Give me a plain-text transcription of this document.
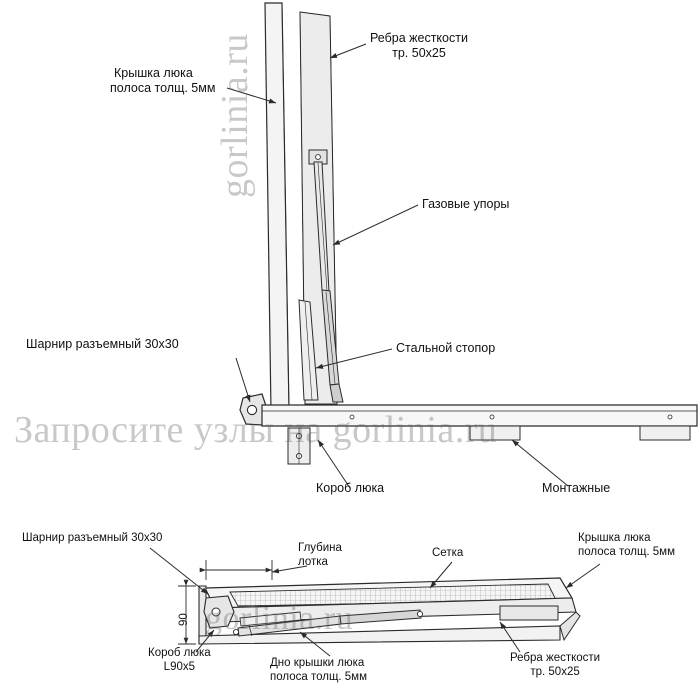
Запросите узлы на gorlinia.ru
gorlinia.ru
gorlinia.ru
Ребра жесткости
тр. 50х25
Крышка люка
полоса толщ. 5мм
Газовые упоры
Шарнир разъемный 30х30	Стальной стопор
Короб люка	Монтажные
Шарнир разъемный 30х30
Глубина
лотка
Сетка
Крышка люка
полоса толщ. 5мм
Короб люка
L90х5	Дно крышки люка
полоса толщ. 5мм
Ребра жесткости
тр. 50х25
90
